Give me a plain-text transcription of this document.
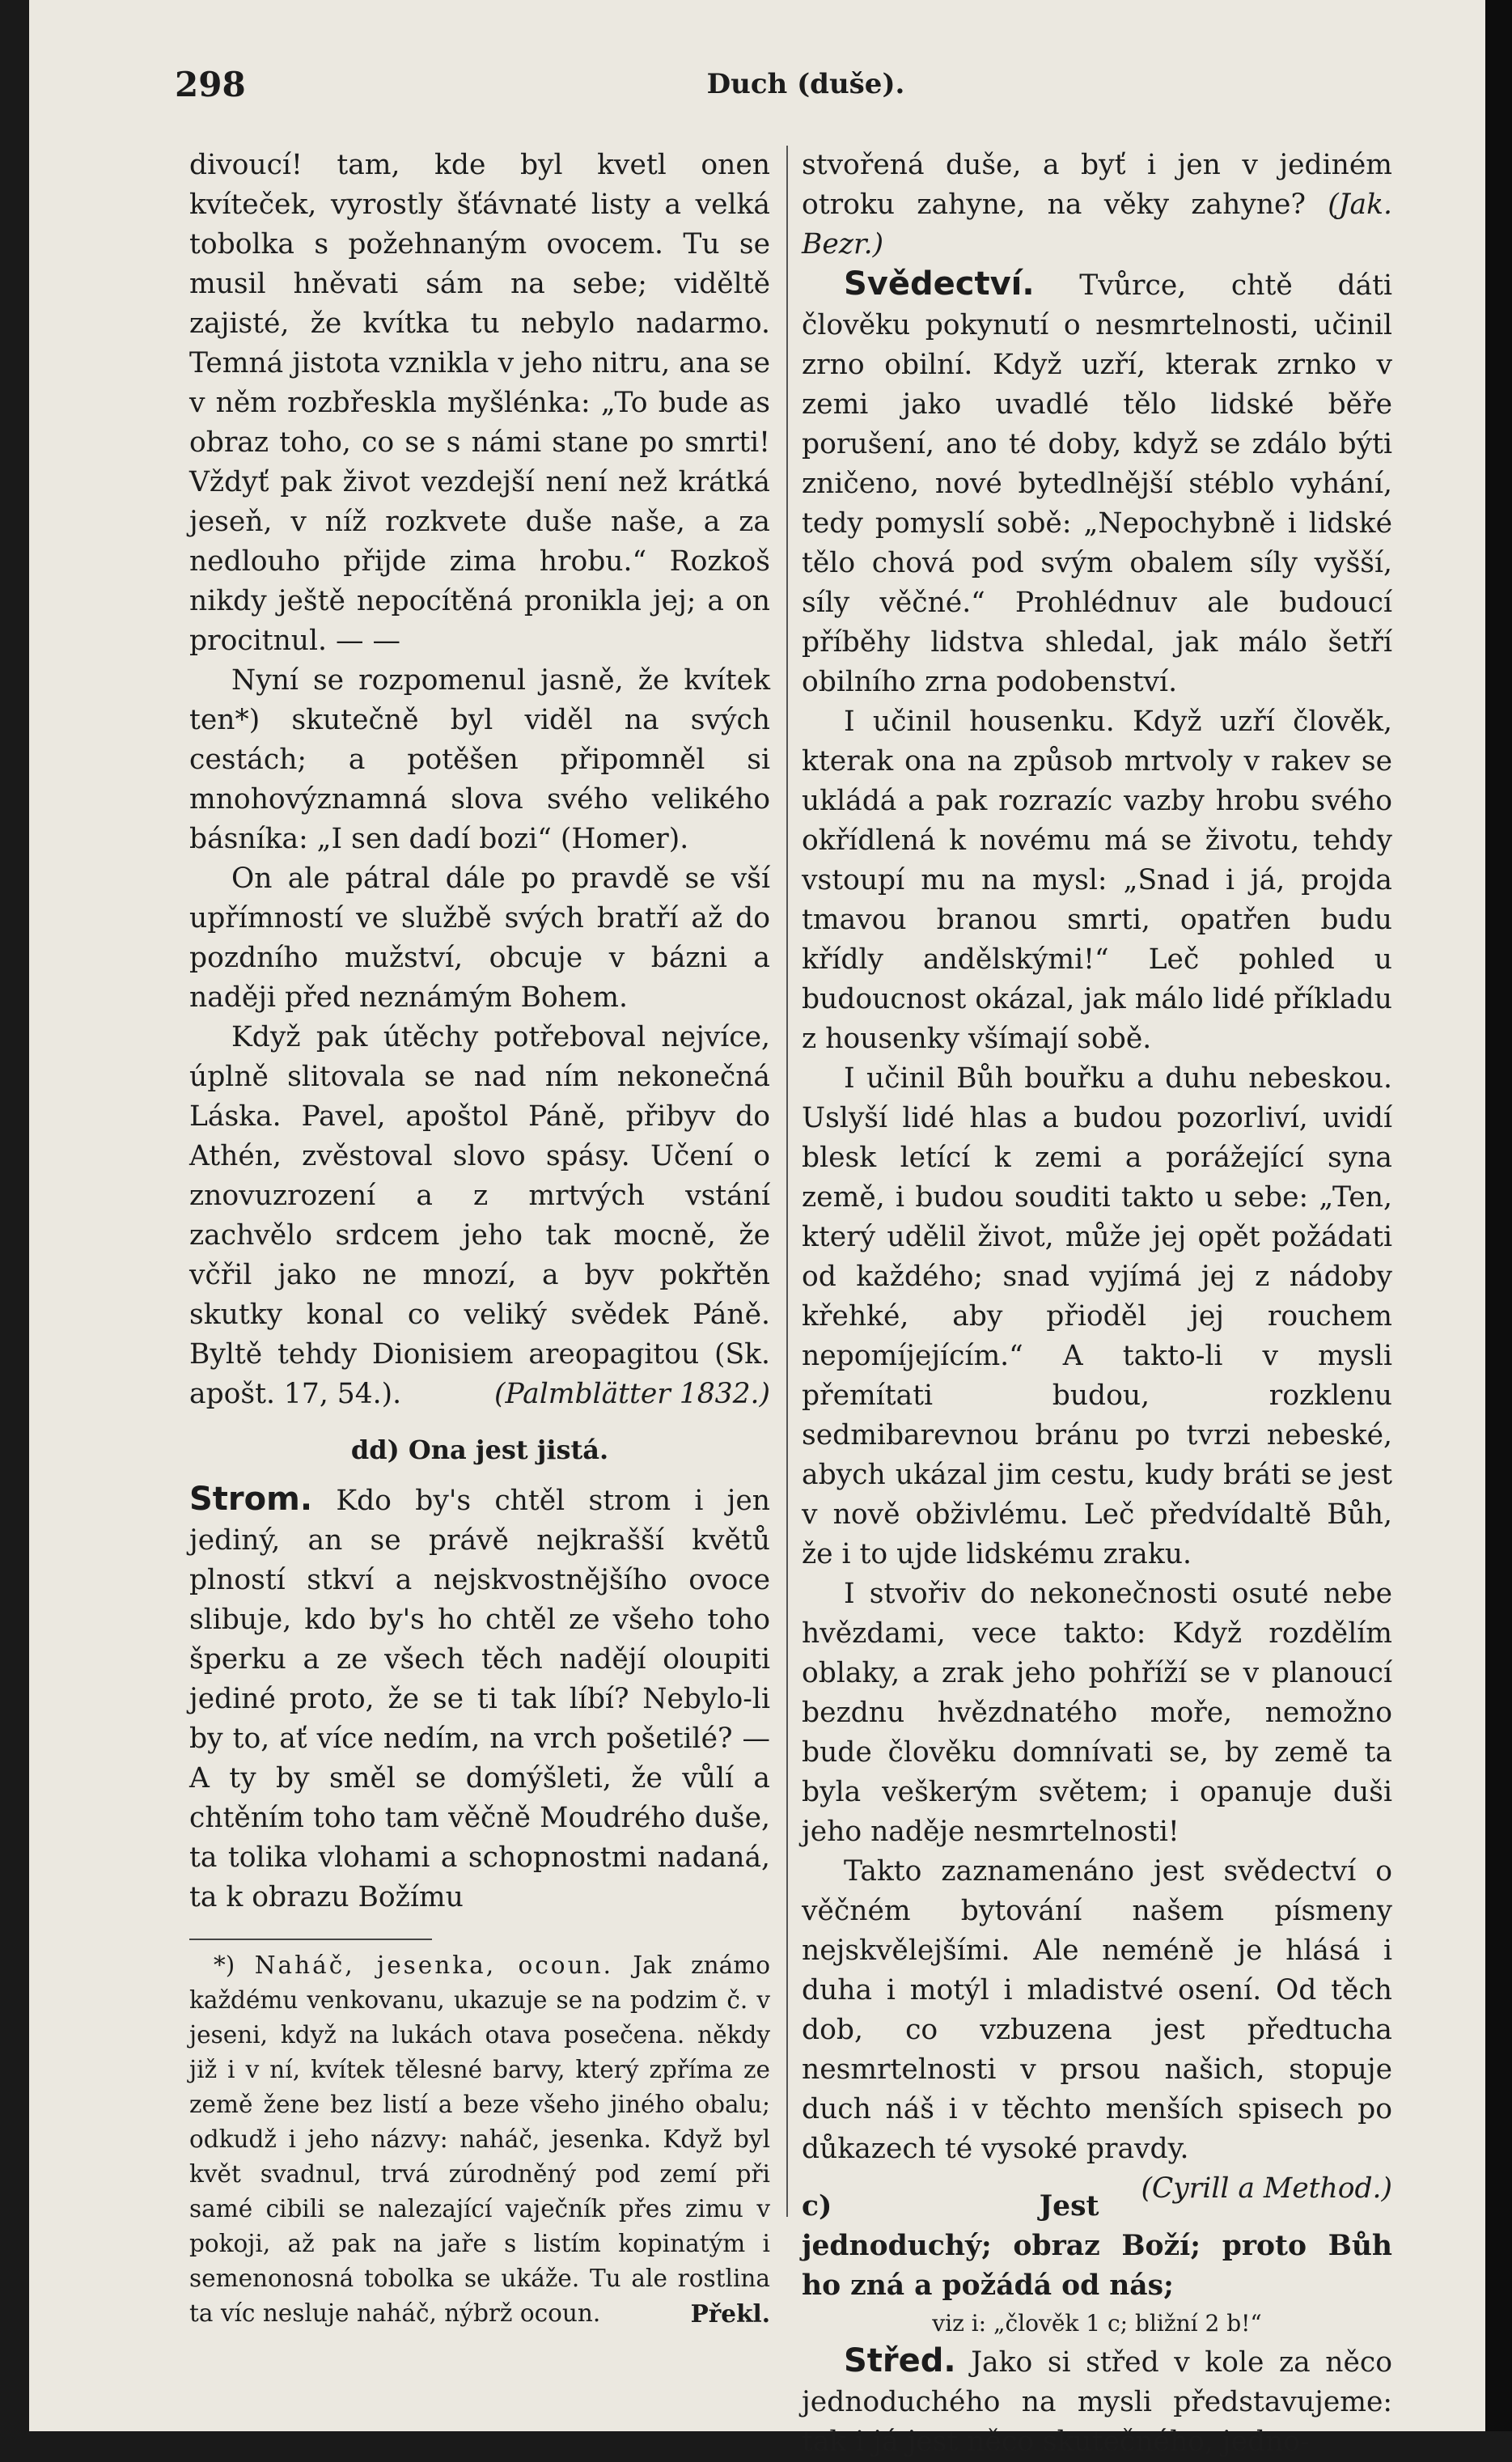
298	Duch (duše).

divoucí! tam, kde byl kvetl onen kvíteček, vyrostly šťávnaté listy a velká tobolka s požehnaným ovocem. Tu se musil hněvati sám na sebe; viděltě zajisté, že kvítka tu nebylo nadarmo. Temná jistota vznikla v jeho nitru, ana se v něm rozbřeskla myšlénka: „To bude as obraz toho, co se s námi stane po smrti! Vždyť pak život vezdejší není než krátká jeseň, v níž rozkvete duše naše, a za nedlouho přijde zima hrobu.“ Rozkoš nikdy ještě nepocítěná pronikla jej; a on procitnul. — —

Nyní se rozpomenul jasně, že kvítek ten*) skutečně byl viděl na svých cestách; a potěšen připomněl si mnohovýznamná slova svého velikého básníka: „I sen dadí bozi“ (Homer).

On ale pátral dále po pravdě se vší upřímností ve službě svých bratří až do pozdního mužství, obcuje v bázni a naději před neznámým Bohem.

Když pak útěchy potřeboval nejvíce, úplně slitovala se nad ním nekonečná Láska. Pavel, apoštol Páně, přibyv do Athén, zvěstoval slovo spásy. Učení o znovuzrození a z mrtvých vstání zachvělo srdcem jeho tak mocně, že včřil jako ne mnozí, a byv pokřtěn skutky konal co veliký svědek Páně. Byltě tehdy Dionisiem areopagitou (Sk. apošt. 17, 54.).	(Palmblätter 1832.)

dd) Ona jest jistá.

Strom. Kdo by's chtěl strom i jen jediný, an se právě nejkrašší květů plností stkví a nejskvostnějšího ovoce slibuje, kdo by's ho chtěl ze všeho toho šperku a ze všech těch nadějí oloupiti jediné proto, že se ti tak líbí? Nebylo-li by to, ať více nedím, na vrch pošetilé? — A ty by směl se domýšleti, že vůlí a chtěním toho tam věčně Moudrého duše, ta tolika vlohami a schopnostmi nadaná, ta k obrazu Božímu

*) Naháč, jesenka, ocoun. Jak známo každému venkovanu, ukazuje se na podzim č. v jeseni, když na lukách otava posečena. někdy již i v ní, kvítek tělesné barvy, který zpříma ze země žene bez listí a beze všeho jiného obalu; odkudž i jeho názvy: naháč, jesenka. Když byl květ svadnul, trvá zúrodněný pod zemí při samé cibili se nalezající vaječník přes zimu v pokoji, až pak na jaře s listím kopinatým i semenonosná tobolka se ukáže. Tu ale rostlina ta víc nesluje naháč, nýbrž ocoun.	Překl.

stvořená duše, a byť i jen v jediném otroku zahyne, na věky zahyne? (Jak. Bezr.)

Svědectví. Tvůrce, chtě dáti člověku pokynutí o nesmrtelnosti, učinil zrno obilní. Když uzří, kterak zrnko v zemi jako uvadlé tělo lidské běře porušení, ano té doby, když se zdálo býti zničeno, nové bytedlnější stéblo vyhání, tedy pomyslí sobě: „Nepochybně i lidské tělo chová pod svým obalem síly vyšší, síly věčné.“ Prohlédnuv ale budoucí příběhy lidstva shledal, jak málo šetří obilního zrna podobenství.

I učinil housenku. Když uzří člověk, kterak ona na způsob mrtvoly v rakev se ukládá a pak rozrazíc vazby hrobu svého okřídlená k novému má se životu, tehdy vstoupí mu na mysl: „Snad i já, projda tmavou branou smrti, opatřen budu křídly andělskými!“ Leč pohled u budoucnost okázal, jak málo lidé příkladu z housenky všímají sobě.

I učinil Bůh bouřku a duhu nebeskou. Uslyší lidé hlas a budou pozorliví, uvidí blesk letící k zemi a porážející syna země, i budou souditi takto u sebe: „Ten, který udělil život, může jej opět požádati od každého; snad vyjímá jej z nádoby křehké, aby přioděl jej rouchem nepomíjejícím.“ A takto-li v mysli přemítati budou, rozklenu sedmibarevnou bránu po tvrzi nebeské, abych ukázal jim cestu, kudy bráti se jest v nově obživlému. Leč předvídaltě Bůh, že i to ujde lidskému zraku.

I stvořiv do nekonečnosti osuté nebe hvězdami, vece takto: Když rozdělím oblaky, a zrak jeho pohříží se v planoucí bezdnu hvězdnatého moře, nemožno bude člověku domnívati se, by země ta byla veškerým světem; i opanuje duši jeho naděje nesmrtelnosti!

Takto zaznamenáno jest svědectví o věčném bytování našem písmeny nejskvělejšími. Ale neméně je hlásá i duha i motýl i mladistvé osení. Od těch dob, co vzbuzena jest předtucha nesmrtelnosti v prsou našich, stopuje duch náš i v těchto menších spisech po důkazech té vysoké pravdy.
(Cyrill a Method.)

c) Jest jednoduchý; obraz Boží; proto Bůh ho zná a požádá od nás;

viz i: „člověk 1 c; bližní 2 b!“

Střed. Jako si střed v kole za něco jednoduchého na mysli představujeme: tak i já jest něco skutečného, jedno-
